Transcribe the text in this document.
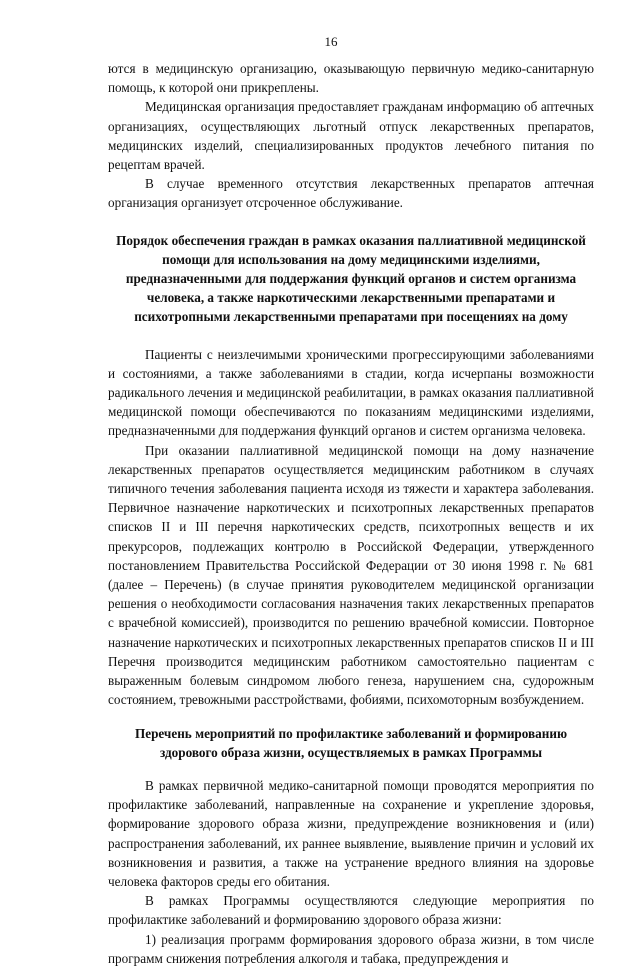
16

ются в медицинскую организацию, оказывающую первичную медико-санитарную помощь, к которой они прикреплены.

Медицинская организация предоставляет гражданам информацию об аптечных организациях, осуществляющих льготный отпуск лекарственных препаратов, медицинских изделий, специализированных продуктов лечебного питания по рецептам врачей.

В случае временного отсутствия лекарственных препаратов аптечная организация организует отсроченное обслуживание.

Порядок обеспечения граждан в рамках оказания паллиативной медицинской помощи для использования на дому медицинскими изделиями, предназначенными для поддержания функций органов и систем организма человека, а также наркотическими лекарственными препаратами и психотропными лекарственными препаратами при посещениях на дому

Пациенты с неизлечимыми хроническими прогрессирующими заболеваниями и состояниями, а также заболеваниями в стадии, когда исчерпаны возможности радикального лечения и медицинской реабилитации, в рамках оказания паллиативной медицинской помощи обеспечиваются по показаниям медицинскими изделиями, предназначенными для поддержания функций органов и систем организма человека.

При оказании паллиативной медицинской помощи на дому назначение лекарственных препаратов осуществляется медицинским работником в случаях типичного течения заболевания пациента исходя из тяжести и характера заболевания. Первичное назначение наркотических и психотропных лекарственных препаратов списков II и III перечня наркотических средств, психотропных веществ и их прекурсоров, подлежащих контролю в Российской Федерации, утвержденного постановлением Правительства Российской Федерации от 30 июня 1998 г. № 681 (далее – Перечень) (в случае принятия руководителем медицинской организации решения о необходимости согласования назначения таких лекарственных препаратов с врачебной комиссией), производится по решению врачебной комиссии. Повторное назначение наркотических и психотропных лекарственных препаратов списков II и III Перечня производится медицинским работником самостоятельно пациентам с выраженным болевым синдромом любого генеза, нарушением сна, судорожным состоянием, тревожными расстройствами, фобиями, психомоторным возбуждением.

Перечень мероприятий по профилактике заболеваний и формированию здорового образа жизни, осуществляемых в рамках Программы

В рамках первичной медико-санитарной помощи проводятся мероприятия по профилактике заболеваний, направленные на сохранение и укрепление здоровья, формирование здорового образа жизни, предупреждение возникновения и (или) распространения заболеваний, их раннее выявление, выявление причин и условий их возникновения и развития, а также на устранение вредного влияния на здоровье человека факторов среды его обитания.

В рамках Программы осуществляются следующие мероприятия по профилактике заболеваний и формированию здорового образа жизни:

1) реализация программ формирования здорового образа жизни, в том числе программ снижения потребления алкоголя и табака, предупреждения и
